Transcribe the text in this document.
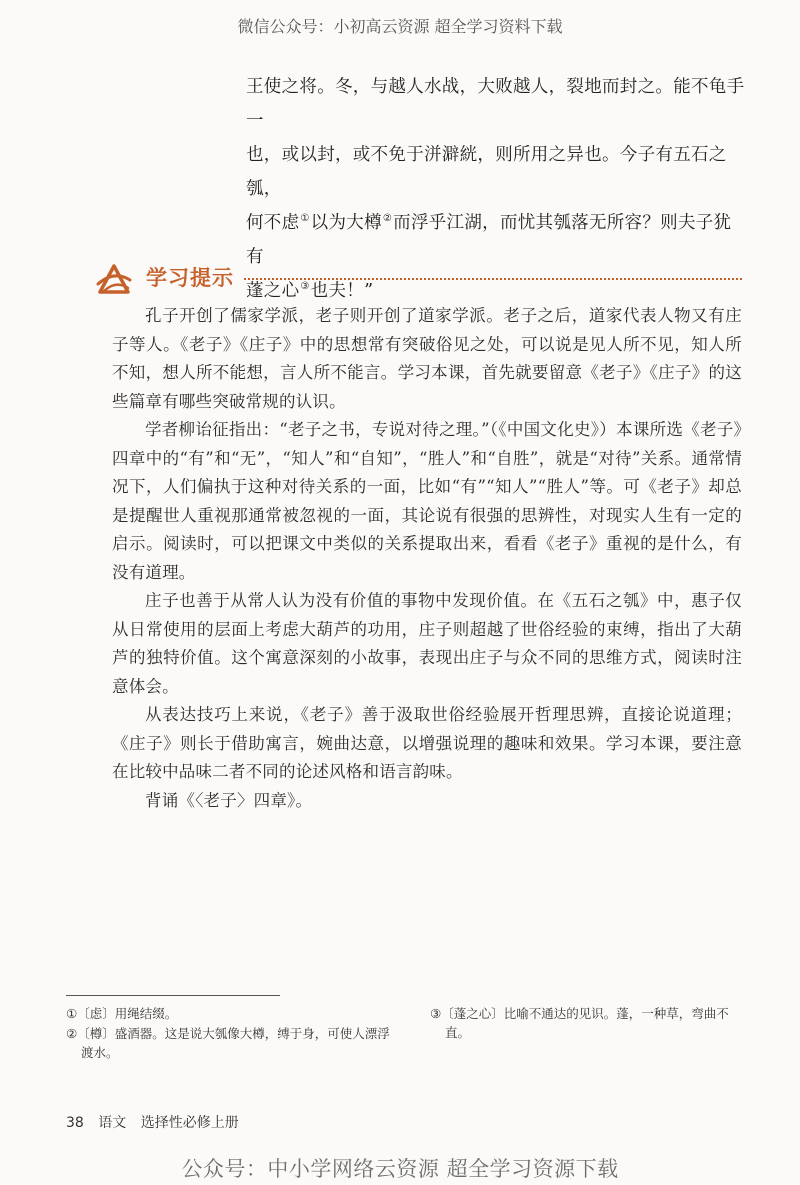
微信公众号：小初高云资源 超全学习资料下载

王使之将。冬，与越人水战，大败越人，裂地而封之。能不龟手一

也，或以封，或不免于洴澼絖，则所用之异也。今子有五石之瓠，

何不虑①以为大樽②而浮乎江湖，而忧其瓠落无所容？则夫子犹有

蓬之心③也夫！”

学习提示

孔子开创了儒家学派，老子则开创了道家学派。老子之后，道家代表人物又有庄子等人。《老子》《庄子》中的思想常有突破俗见之处，可以说是见人所不见，知人所不知，想人所不能想，言人所不能言。学习本课，首先就要留意《老子》《庄子》的这些篇章有哪些突破常规的认识。

学者柳诒征指出：“老子之书，专说对待之理。”（《中国文化史》）本课所选《老子》四章中的“有”和“无”，“知人”和“自知”，“胜人”和“自胜”，就是“对待”关系。通常情况下，人们偏执于这种对待关系的一面，比如“有”“知人”“胜人”等。可《老子》却总是提醒世人重视那通常被忽视的一面，其论说有很强的思辨性，对现实人生有一定的启示。阅读时，可以把课文中类似的关系提取出来，看看《老子》重视的是什么，有没有道理。

庄子也善于从常人认为没有价值的事物中发现价值。在《五石之瓠》中，惠子仅从日常使用的层面上考虑大葫芦的功用，庄子则超越了世俗经验的束缚，指出了大葫芦的独特价值。这个寓意深刻的小故事，表现出庄子与众不同的思维方式，阅读时注意体会。

从表达技巧上来说，《老子》善于汲取世俗经验展开哲理思辨，直接论说道理；《庄子》则长于借助寓言，婉曲达意，以增强说理的趣味和效果。学习本课，要注意在比较中品味二者不同的论述风格和语言韵味。

背诵《〈老子〉四章》。

①〔虑〕用绳结缀。

②〔樽〕盛酒器。这是说大瓠像大樽，缚于身，可使人漂浮渡水。

③〔蓬之心〕比喻不通达的见识。蓬，一种草，弯曲不直。

38 语文 选择性必修上册
公众号：中小学网络云资源 超全学习资源下载
